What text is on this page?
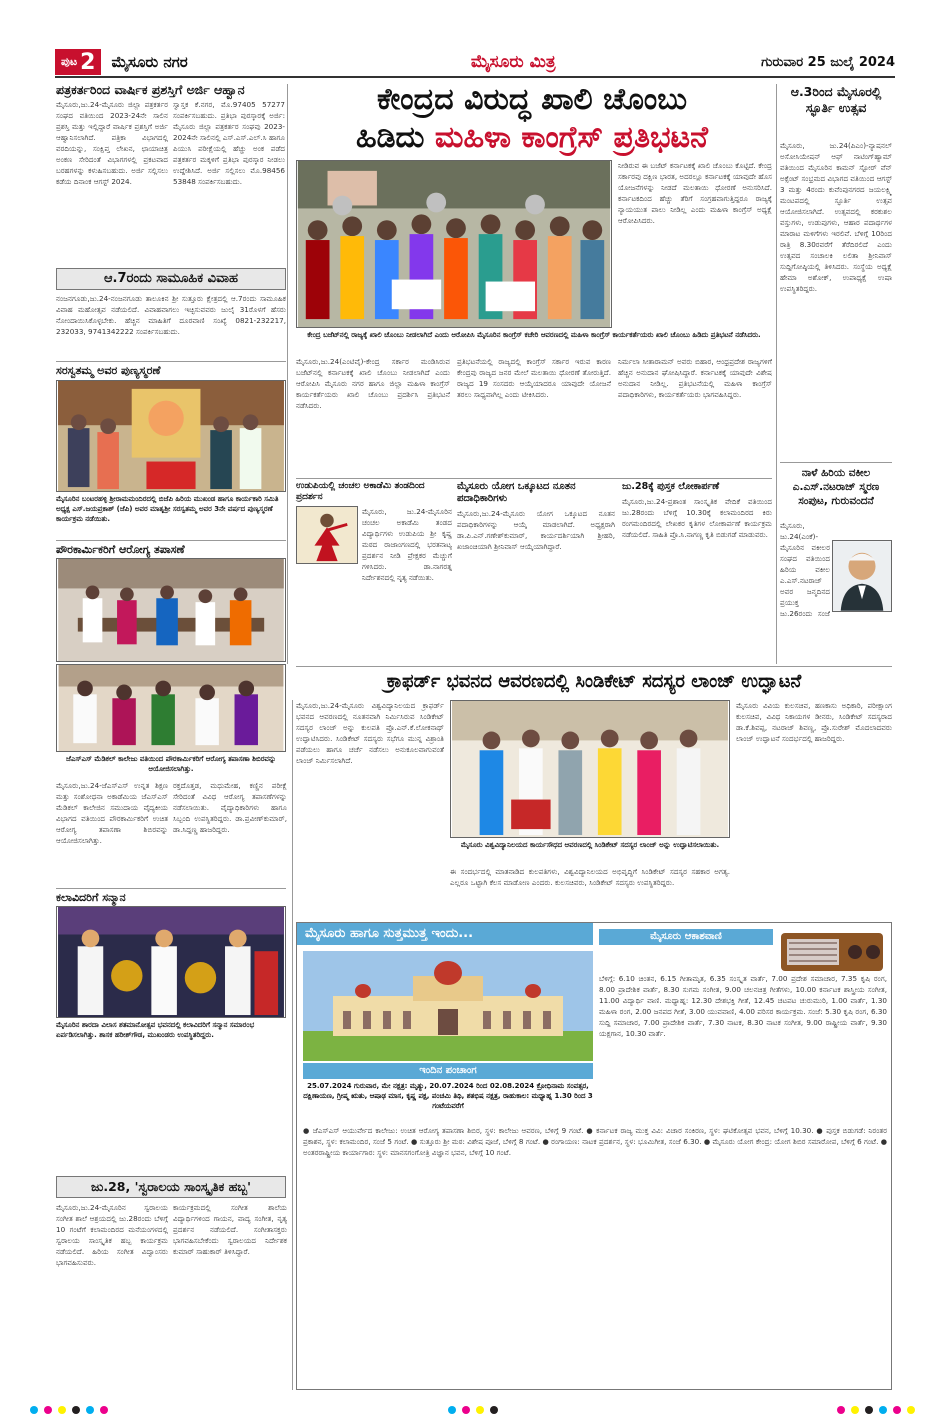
ಪುಟ 2 ಮೈಸೂರು ನಗರ	ಮೈಸೂರು ಮಿತ್ರ	ಗುರುವಾರ 25 ಜುಲೈ 2024
ಪತ್ರಕರ್ತರಿಂದ ವಾರ್ಷಿಕ ಪ್ರಶಸ್ತಿಗೆ ಅರ್ಜಿ ಆಹ್ವಾನ

ಮೈಸೂರು,ಜು.24-ಮೈಸೂರು ಜಿಲ್ಲಾ ಪತ್ರಕರ್ತರ ಸಂಘದ ವತಿಯಿಂದ 2023-24ನೇ ಸಾಲಿನ ಪ್ರಶಸ್ತಿ ಮತ್ತು ಇಲ್ಲಿದ್ದಾರೆ ವಾರ್ಷಿಕ ಪ್ರಶಸ್ತಿಗೆ ಅರ್ಜಿ ಆಹ್ವಾನಿಸಲಾಗಿದೆ. ಪತ್ರಿಕಾ ವಿಭಾಗದಲ್ಲಿ ವರದಿಯನ್ನು, ಸಂಕ್ಷಿಪ್ತ ಲೇಖನ, ಛಾಯಾಚಿತ್ರ ಅಂಕಣ ಸೇರಿದಂತೆ ವಿಭಾಗಗಳಲ್ಲಿ ಪ್ರಕಟವಾದ ಬರಹಗಳನ್ನು ಕಳುಹಿಸಬಹುದು. ಅರ್ಜಿ ಸಲ್ಲಿಸಲು ಕಡೆಯ ದಿನಾಂಕ ಆಗಸ್ಟ್ 2024.

ಸ್ವಾಸ್ತಕ ಕೆ.ನಗರ, ಮೊ.97405 57277 ಸಂಪರ್ಕಿಸಬಹುದು. ಪ್ರತಿಭಾ ಪುರಸ್ಕಾರಕ್ಕೆ ಅರ್ಜಿ: ಮೈಸೂರು ಜಿಲ್ಲಾ ಪತ್ರಕರ್ತರ ಸಂಘವು 2023-2024ನೇ ಸಾಲಿನಲ್ಲಿ ಎಸ್.ಎಸ್.ಎಲ್.ಸಿ ಹಾಗೂ ಪಿಯುಸಿ ಪರೀಕ್ಷೆಯಲ್ಲಿ ಹೆಚ್ಚು ಅಂಕ ಪಡೆದ ಪತ್ರಕರ್ತರ ಮಕ್ಕಳಿಗೆ ಪ್ರತಿಭಾ ಪುರಸ್ಕಾರ ನೀಡಲು ಉದ್ದೇಶಿಸಿದೆ. ಅರ್ಜಿ ಸಲ್ಲಿಸಲು ಮೊ.98456 53848 ಸಂಪರ್ಕಿಸಬಹುದು.

ಆ.7ರಂದು ಸಾಮೂಹಿಕ ವಿವಾಹ

ನಂಜನಗೂಡು,ಜು.24-ನಂಜನಗೂಡು ತಾಲೂಕಿನ ಶ್ರೀ ಸುತ್ತೂರು ಕ್ಷೇತ್ರದಲ್ಲಿ ಆ.7ರಂದು ಸಾಮೂಹಿಕ ವಿವಾಹ ಮಹೋತ್ಸವ ನಡೆಯಲಿದೆ. ವಿವಾಹವಾಗಲು ಇಚ್ಛಿಸುವವರು ಜುಲೈ 31ರೊಳಗೆ ಹೆಸರು ನೋಂದಾಯಿಸಿಕೊಳ್ಳಬೇಕು. ಹೆಚ್ಚಿನ ಮಾಹಿತಿಗೆ ದೂರವಾಣಿ ಸಂಖ್ಯೆ 0821-232217, 232033, 9741342222 ಸಂಪರ್ಕಿಸಬಹುದು.

ಸರಸ್ವತಮ್ಮ ಅವರ ಪುಣ್ಯಸ್ಮರಣೆ
ಮೈಸೂರಿನ ಬಂಟರಹಳ್ಳಿ ಶ್ರೀರಾಮಮಂದಿರದಲ್ಲಿ ಬಿಜೆಪಿ ಹಿರಿಯ ಮುಖಂಡ ಹಾಗೂ ಕಾರ್ಯಕಾರಿ ಸಮಿತಿ ಅಧ್ಯಕ್ಷ ಎಸ್.ಜಯಪ್ರಕಾಶ್ (ಜೆಪಿ) ಅವರ ಮಾತೃಶ್ರೀ ಸರಸ್ವತಮ್ಮ ಅವರ 3ನೇ ವರ್ಷದ ಪುಣ್ಯಸ್ಮರಣೆ ಕಾರ್ಯಕ್ರಮ ನಡೆಯಿತು.
ಪೌರಕಾರ್ಮಿಕರಿಗೆ ಆರೋಗ್ಯ ತಪಾಸಣೆ
ಜೆಎಸ್‌ಎಸ್ ಮೆಡಿಕಲ್ ಕಾಲೇಜು ವತಿಯಿಂದ ಪೌರಕಾರ್ಮಿಕರಿಗೆ ಆರೋಗ್ಯ ತಪಾಸಣಾ ಶಿಬಿರವನ್ನು ಆಯೋಜಿಸಲಾಗಿತ್ತು.

ಮೈಸೂರು,ಜು.24-ಜೆಎಸ್‌ಎಸ್ ಉನ್ನತ ಶಿಕ್ಷಣ ಮತ್ತು ಸಂಶೋಧನಾ ಅಕಾಡೆಮಿಯ ಜೆಎಸ್‌ಎಸ್ ಮೆಡಿಕಲ್ ಕಾಲೇಜಿನ ಸಮುದಾಯ ವೈದ್ಯಕೀಯ ವಿಭಾಗದ ವತಿಯಿಂದ ಪೌರಕಾರ್ಮಿಕರಿಗೆ ಉಚಿತ ಆರೋಗ್ಯ ತಪಾಸಣಾ ಶಿಬಿರವನ್ನು ಆಯೋಜಿಸಲಾಗಿತ್ತು.

ರಕ್ತದೊತ್ತಡ, ಮಧುಮೇಹ, ಕಣ್ಣಿನ ಪರೀಕ್ಷೆ ಸೇರಿದಂತೆ ವಿವಿಧ ಆರೋಗ್ಯ ತಪಾಸಣೆಗಳನ್ನು ನಡೆಸಲಾಯಿತು. ವೈದ್ಯಾಧಿಕಾರಿಗಳು ಹಾಗೂ ಸಿಬ್ಬಂದಿ ಉಪಸ್ಥಿತರಿದ್ದರು. ಡಾ.ಪ್ರವೀಣ್‌ಕುಮಾರ್, ಡಾ.ಸಿದ್ದಣ್ಣ ಹಾಜರಿದ್ದರು.

ಕಲಾವಿದರಿಗೆ ಸನ್ಮಾನ
ಮೈಸೂರಿನ ಶಾರದಾ ವಿಲಾಸ ಶತಮಾನೋತ್ಸವ ಭವನದಲ್ಲಿ ಕಲಾವಿದರಿಗೆ ಸನ್ಮಾನ ಸಮಾರಂಭ ಏರ್ಪಡಿಸಲಾಗಿತ್ತು. ಶಾಸಕ ಹರೀಶ್‌ಗೌಡ, ಮುಖಂಡರು ಉಪಸ್ಥಿತರಿದ್ದರು.
ಜು.28, 'ಸ್ವರಾಲಯ ಸಾಂಸ್ಕೃತಿಕ ಹಬ್ಬ'

ಮೈಸೂರು,ಜು.24-ಮೈಸೂರಿನ ಸ್ವರಾಲಯ ಸಂಗೀತ ಶಾಲೆ ಆಶ್ರಯದಲ್ಲಿ ಜು.28ರಂದು ಬೆಳಿಗ್ಗೆ 10 ಗಂಟೆಗೆ ಕಲಾಮಂದಿರದ ಮನೆಯಂಗಳದಲ್ಲಿ ಸ್ವರಾಲಯ ಸಾಂಸ್ಕೃತಿಕ ಹಬ್ಬ ಕಾರ್ಯಕ್ರಮ ನಡೆಯಲಿದೆ. ಹಿರಿಯ ಸಂಗೀತ ವಿದ್ವಾಂಸರು ಭಾಗವಹಿಸುವರು.

ಕಾರ್ಯಕ್ರಮದಲ್ಲಿ ಸಂಗೀತ ಶಾಲೆಯ ವಿದ್ಯಾರ್ಥಿಗಳಿಂದ ಗಾಯನ, ವಾದ್ಯ ಸಂಗೀತ, ನೃತ್ಯ ಪ್ರದರ್ಶನ ನಡೆಯಲಿದೆ. ಸಂಗೀತಾಸಕ್ತರು ಭಾಗವಹಿಸಬೇಕೆಂದು ಸ್ವರಾಲಯದ ನಿರ್ದೇಶಕ ಕುಮಾರ್ ಸಾಹುಕಾರ್ ತಿಳಿಸಿದ್ದಾರೆ.

ಕೇಂದ್ರದ ವಿರುದ್ಧ ಖಾಲಿ ಚೊಂಬು
ಹಿಡಿದು ಮಹಿಳಾ ಕಾಂಗ್ರೆಸ್ ಪ್ರತಿಭಟನೆ

ನೀಡಿರುವ ಈ ಬಜೆಟ್ ಕರ್ನಾಟಕಕ್ಕೆ ಖಾಲಿ ಚೊಂಬು ಕೊಟ್ಟಿದೆ. ಕೇಂದ್ರ ಸರ್ಕಾರವು ದಕ್ಷಿಣ ಭಾರತ, ಅದರಲ್ಲೂ ಕರ್ನಾಟಕಕ್ಕೆ ಯಾವುದೇ ಹೊಸ ಯೋಜನೆಗಳನ್ನು ನೀಡದೆ ಮಲತಾಯಿ ಧೋರಣೆ ಅನುಸರಿಸಿದೆ. ಕರ್ನಾಟಕದಿಂದ ಹೆಚ್ಚು ತೆರಿಗೆ ಸಂಗ್ರಹವಾಗುತ್ತಿದ್ದರೂ ರಾಜ್ಯಕ್ಕೆ ನ್ಯಾಯಯುತ ಪಾಲು ನೀಡಿಲ್ಲ ಎಂದು ಮಹಿಳಾ ಕಾಂಗ್ರೆಸ್ ಅಧ್ಯಕ್ಷೆ ಆರೋಪಿಸಿದರು.

ಕೇಂದ್ರ ಬಜೆಟ್‌ನಲ್ಲಿ ರಾಜ್ಯಕ್ಕೆ ಖಾಲಿ ಚೊಂಬು ನೀಡಲಾಗಿದೆ ಎಂದು ಆರೋಪಿಸಿ ಮೈಸೂರಿನ ಕಾಂಗ್ರೆಸ್ ಕಚೇರಿ ಆವರಣದಲ್ಲಿ ಮಹಿಳಾ ಕಾಂಗ್ರೆಸ್ ಕಾರ್ಯಕರ್ತೆಯರು ಖಾಲಿ ಚೊಂಬು ಹಿಡಿದು ಪ್ರತಿಭಟನೆ ನಡೆಸಿದರು.

ಮೈಸೂರು,ಜು.24(ಎಂಟಿವೈ)-ಕೇಂದ್ರ ಸರ್ಕಾರ ಮಂಡಿಸಿರುವ ಬಜೆಟ್‌ನಲ್ಲಿ ಕರ್ನಾಟಕಕ್ಕೆ ಖಾಲಿ ಚೊಂಬು ನೀಡಲಾಗಿದೆ ಎಂದು ಆರೋಪಿಸಿ ಮೈಸೂರು ನಗರ ಹಾಗೂ ಜಿಲ್ಲಾ ಮಹಿಳಾ ಕಾಂಗ್ರೆಸ್ ಕಾರ್ಯಕರ್ತೆಯರು ಖಾಲಿ ಚೊಂಬು ಪ್ರದರ್ಶಿಸಿ ಪ್ರತಿಭಟನೆ ನಡೆಸಿದರು.

ಪ್ರತಿಭಟನೆಯಲ್ಲಿ ರಾಜ್ಯದಲ್ಲಿ ಕಾಂಗ್ರೆಸ್ ಸರ್ಕಾರ ಇರುವ ಕಾರಣ ಕೇಂದ್ರವು ರಾಜ್ಯದ ಜನರ ಮೇಲೆ ಮಲತಾಯಿ ಧೋರಣೆ ತೋರುತ್ತಿದೆ. ರಾಜ್ಯದ 19 ಸಂಸದರು ಆಯ್ಕೆಯಾದರೂ ಯಾವುದೇ ಯೋಜನೆ ತರಲು ಸಾಧ್ಯವಾಗಿಲ್ಲ ಎಂದು ಟೀಕಿಸಿದರು.

ನಿರ್ಮಲಾ ಸೀತಾರಾಮನ್ ಅವರು ಬಿಹಾರ, ಆಂಧ್ರಪ್ರದೇಶ ರಾಜ್ಯಗಳಿಗೆ ಹೆಚ್ಚಿನ ಅನುದಾನ ಘೋಷಿಸಿದ್ದಾರೆ. ಕರ್ನಾಟಕಕ್ಕೆ ಯಾವುದೇ ವಿಶೇಷ ಅನುದಾನ ನೀಡಿಲ್ಲ. ಪ್ರತಿಭಟನೆಯಲ್ಲಿ ಮಹಿಳಾ ಕಾಂಗ್ರೆಸ್ ಪದಾಧಿಕಾರಿಗಳು, ಕಾರ್ಯಕರ್ತೆಯರು ಭಾಗವಹಿಸಿದ್ದರು.

ಉಡುಪಿಯಲ್ಲಿ ಚಂಚಲ ಅಕಾಡೆಮಿ ತಂಡದಿಂದ ಪ್ರದರ್ಶನ

ಮೈಸೂರು, ಜು.24-ಮೈಸೂರಿನ ಚಂಚಲ ಅಕಾಡೆಮಿ ತಂಡದ ವಿದ್ಯಾರ್ಥಿಗಳು ಉಡುಪಿಯ ಶ್ರೀ ಕೃಷ್ಣ ಮಠದ ರಾಜಾಂಗಣದಲ್ಲಿ ಭರತನಾಟ್ಯ ಪ್ರದರ್ಶನ ನೀಡಿ ಪ್ರೇಕ್ಷಕರ ಮೆಚ್ಚುಗೆ ಗಳಿಸಿದರು. ಡಾ.ನಾಗರತ್ನ ನಿರ್ದೇಶನದಲ್ಲಿ ನೃತ್ಯ ನಡೆಯಿತು.

ಮೈಸೂರು ಯೋಗ ಒಕ್ಕೂಟದ ನೂತನ ಪದಾಧಿಕಾರಿಗಳು

ಮೈಸೂರು,ಜು.24-ಮೈಸೂರು ಯೋಗ ಒಕ್ಕೂಟದ ನೂತನ ಪದಾಧಿಕಾರಿಗಳನ್ನು ಆಯ್ಕೆ ಮಾಡಲಾಗಿದೆ. ಅಧ್ಯಕ್ಷರಾಗಿ ಡಾ.ಪಿ.ಎನ್.ಗಣೇಶ್‌ಕುಮಾರ್, ಕಾರ್ಯದರ್ಶಿಯಾಗಿ ಶ್ರೀಹರಿ, ಖಜಾಂಚಿಯಾಗಿ ಶ್ರೀನಿವಾಸ್ ಆಯ್ಕೆಯಾಗಿದ್ದಾರೆ.

ಜು.28ಕ್ಕೆ ಪುಸ್ತಕ ಲೋಕಾರ್ಪಣೆ

ಮೈಸೂರು,ಜು.24-ಪ್ರಶಾಂತ ಸಾಂಸ್ಕೃತಿಕ ವೇದಿಕೆ ವತಿಯಿಂದ ಜು.28ರಂದು ಬೆಳಿಗ್ಗೆ 10.30ಕ್ಕೆ ಕಲಾಮಂದಿರದ ಕಿರು ರಂಗಮಂದಿರದಲ್ಲಿ ಲೇಖಕರ ಕೃತಿಗಳ ಲೋಕಾರ್ಪಣೆ ಕಾರ್ಯಕ್ರಮ ನಡೆಯಲಿದೆ. ಸಾಹಿತಿ ಪ್ರೊ.ಸಿ.ನಾಗಣ್ಣ ಕೃತಿ ಬಿಡುಗಡೆ ಮಾಡುವರು.

ಆ.3ರಿಂದ ಮೈಸೂರಲ್ಲಿ ಸ್ಫೂರ್ತಿ ಉತ್ಸವ

ಮೈಸೂರು, ಜು.24(ಪಿಎಂ)-ನ್ಯಾಷನಲ್ ಅಸೋಸಿಯೇಷನ್ ಆಫ್ ನಾಟಿಂಗ್‌ಹ್ಯಾಮ್ ವತಿಯಿಂದ ಮೈಸೂರಿನ ಕಾಮನ್ ಸ್ಟೋರ್ ವೆನ್ ಅಕ್ಸೆಂಟ್ ಸಂಭ್ರಮದ ವಿಭಾಗದ ವತಿಯಿಂದ ಆಗಸ್ಟ್ 3 ಮತ್ತು 4ರಂದು ಕುವೆಂಪುನಗರದ ಜಯಲಕ್ಷ್ಮಿ ಮಂಟಪದಲ್ಲಿ ಸ್ಫೂರ್ತಿ ಉತ್ಸವ ಆಯೋಜಿಸಲಾಗಿದೆ. ಉತ್ಸವದಲ್ಲಿ ಕರಕುಶಲ ವಸ್ತುಗಳು, ಉಡುಪುಗಳು, ಆಹಾರ ಪದಾರ್ಥಗಳ ಮಾರಾಟ ಮಳಿಗೆಗಳು ಇರಲಿವೆ. ಬೆಳಿಗ್ಗೆ 10ರಿಂದ ರಾತ್ರಿ 8.30ರವರೆಗೆ ತೆರೆದಿರಲಿದೆ ಎಂದು ಉತ್ಸವದ ಸಂಚಾಲಕಿ ಲಲಿತಾ ಶ್ರೀನಿವಾಸ್ ಸುದ್ದಿಗೋಷ್ಠಿಯಲ್ಲಿ ತಿಳಿಸಿದರು. ಸಂಸ್ಥೆಯ ಅಧ್ಯಕ್ಷೆ ಹೇಮಾ ಅಶೋಕ್, ಉಪಾಧ್ಯಕ್ಷೆ ಉಷಾ ಉಪಸ್ಥಿತರಿದ್ದರು.

ನಾಳೆ ಹಿರಿಯ ವಕೀಲ ಎ.ಎಸ್.ನಟರಾಜ್ ಸ್ಮರಣ ಸಂಪುಟ, ಗುರುವಂದನೆ

ಮೈಸೂರು, ಜು.24(ಎಂಕೆ)-ಮೈಸೂರಿನ ವಕೀಲರ ಸಂಘದ ವತಿಯಿಂದ ಹಿರಿಯ ವಕೀಲ ಎ.ಎಸ್.ನಟರಾಜ್ ಅವರ ಜನ್ಮದಿನದ ಪ್ರಯುಕ್ತ ಜು.26ರಂದು ಸಂಜೆ

ಕ್ರಾಫರ್ಡ್ ಭವನದ ಆವರಣದಲ್ಲಿ ಸಿಂಡಿಕೇಟ್ ಸದಸ್ಯರ ಲಾಂಜ್ ಉದ್ಘಾಟನೆ

ಮೈಸೂರು,ಜು.24-ಮೈಸೂರು ವಿಶ್ವವಿದ್ಯಾನಿಲಯದ ಕ್ರಾಫರ್ಡ್ ಭವನದ ಆವರಣದಲ್ಲಿ ನೂತನವಾಗಿ ನಿರ್ಮಿಸಿರುವ ಸಿಂಡಿಕೇಟ್ ಸದಸ್ಯರ ಲಾಂಜ್ ಅನ್ನು ಕುಲಪತಿ ಪ್ರೊ.ಎನ್.ಕೆ.ಲೋಕನಾಥ್ ಉದ್ಘಾಟಿಸಿದರು. ಸಿಂಡಿಕೇಟ್ ಸದಸ್ಯರು ಸಭೆಗೂ ಮುನ್ನ ವಿಶ್ರಾಂತಿ ಪಡೆಯಲು ಹಾಗೂ ಚರ್ಚೆ ನಡೆಸಲು ಅನುಕೂಲವಾಗುವಂತೆ ಲಾಂಜ್ ನಿರ್ಮಿಸಲಾಗಿದೆ.

ಮೈಸೂರು ವಿವಿಯ ಕುಲಸಚಿವ, ಹಣಕಾಸು ಅಧಿಕಾರಿ, ಪರೀಕ್ಷಾಂಗ ಕುಲಸಚಿವ, ವಿವಿಧ ನಿಕಾಯಗಳ ಡೀನರು, ಸಿಂಡಿಕೇಟ್ ಸದಸ್ಯರಾದ ಡಾ.ಕೆ.ಶಿವಪ್ಪ, ನಟರಾಜ್ ಶಿವಣ್ಣ, ಪ್ರೊ.ಸುರೇಶ್ ಮೊದಲಾದವರು ಲಾಂಜ್ ಉದ್ಘಾಟನೆ ಸಂದರ್ಭದಲ್ಲಿ ಹಾಜರಿದ್ದರು.

ಮೈಸೂರು ವಿಶ್ವವಿದ್ಯಾನಿಲಯದ ಕಾರ್ಯಸೌಧದ ಆವರಣದಲ್ಲಿ ಸಿಂಡಿಕೇಟ್ ಸದಸ್ಯರ ಲಾಂಜ್ ಅನ್ನು ಉದ್ಘಾಟಿಸಲಾಯಿತು.

ಈ ಸಂದರ್ಭದಲ್ಲಿ ಮಾತನಾಡಿದ ಕುಲಪತಿಗಳು, ವಿಶ್ವವಿದ್ಯಾನಿಲಯದ ಅಭಿವೃದ್ಧಿಗೆ ಸಿಂಡಿಕೇಟ್ ಸದಸ್ಯರ ಸಹಕಾರ ಅಗತ್ಯ. ಎಲ್ಲರೂ ಒಟ್ಟಾಗಿ ಕೆಲಸ ಮಾಡೋಣ ಎಂದರು. ಕುಲಸಚಿವರು, ಸಿಂಡಿಕೇಟ್ ಸದಸ್ಯರು ಉಪಸ್ಥಿತರಿದ್ದರು.

ಮೈಸೂರು ಹಾಗೂ ಸುತ್ತಮುತ್ತ ಇಂದು...
ಇಂದಿನ ಪಂಚಾಂಗ
25.07.2024 ಗುರುವಾರ, ಮೇ ನಕ್ಷತ್ರ: ಮೃತ್ಯು, 20.07.2024 ರಿಂದ 02.08.2024 ಕ್ರೋಧಿನಾಮ ಸಂವತ್ಸರ, ದಕ್ಷಿಣಾಯಣ, ಗ್ರೀಷ್ಮ ಋತು, ಆಷಾಢ ಮಾಸ, ಕೃಷ್ಣ ಪಕ್ಷ, ಪಂಚಮಿ ತಿಥಿ, ಶತಭಿಷ ನಕ್ಷತ್ರ, ರಾಹುಕಾಲ: ಮಧ್ಯಾಹ್ನ 1.30 ರಿಂದ 3 ಗಂಟೆಯವರೆಗೆ
● ಜೆಎಸ್ಎಸ್ ಆಯುರ್ವೇದ ಕಾಲೇಜು: ಉಚಿತ ಆರೋಗ್ಯ ತಪಾಸಣಾ ಶಿಬಿರ, ಸ್ಥಳ: ಕಾಲೇಜು ಆವರಣ, ಬೆಳಿಗ್ಗೆ 9 ಗಂಟೆ. ● ಕರ್ನಾಟಕ ರಾಜ್ಯ ಮುಕ್ತ ವಿವಿ: ವಿಚಾರ ಸಂಕಿರಣ, ಸ್ಥಳ: ಘಟಿಕೋತ್ಸವ ಭವನ, ಬೆಳಿಗ್ಗೆ 10.30. ● ಪುಸ್ತಕ ಬಿಡುಗಡೆ: ನಿರಂತರ ಪ್ರಕಾಶನ, ಸ್ಥಳ: ಕಲಾಮಂದಿರ, ಸಂಜೆ 5 ಗಂಟೆ. ● ಸುತ್ತೂರು ಶ್ರೀ ಮಠ: ವಿಶೇಷ ಪೂಜೆ, ಬೆಳಿಗ್ಗೆ 8 ಗಂಟೆ. ● ರಂಗಾಯಣ: ನಾಟಕ ಪ್ರದರ್ಶನ, ಸ್ಥಳ: ಭೂಮಿಗೀತ, ಸಂಜೆ 6.30. ● ಮೈಸೂರು ಯೋಗ ಕೇಂದ್ರ: ಯೋಗ ಶಿಬಿರ ಸಮಾರೋಪ, ಬೆಳಿಗ್ಗೆ 6 ಗಂಟೆ. ● ಅಂತರರಾಷ್ಟ್ರೀಯ ಕಾರ್ಯಾಗಾರ: ಸ್ಥಳ: ಮಾನಸಗಂಗೋತ್ರಿ ವಿಜ್ಞಾನ ಭವನ, ಬೆಳಿಗ್ಗೆ 10 ಗಂಟೆ.
ಮೈಸೂರು ಆಕಾಶವಾಣಿ
ಬೆಳಿಗ್ಗೆ: 6.10 ಚಿಂತನ, 6.15 ಗೀತಾಮೃತ, 6.35 ಸಂಸ್ಕೃತ ವಾರ್ತೆ, 7.00 ಪ್ರದೇಶ ಸಮಾಚಾರ, 7.35 ಕೃಷಿ ರಂಗ, 8.00 ಪ್ರಾದೇಶಿಕ ವಾರ್ತೆ, 8.30 ಸುಗಮ ಸಂಗೀತ, 9.00 ಚಲನಚಿತ್ರ ಗೀತೆಗಳು, 10.00 ಕರ್ನಾಟಕ ಶಾಸ್ತ್ರೀಯ ಸಂಗೀತ, 11.00 ವಿದ್ಯಾರ್ಥಿ ವಾಣಿ. ಮಧ್ಯಾಹ್ನ: 12.30 ದೇಶಭಕ್ತಿ ಗೀತೆ, 12.45 ಚಟಪಟ ಚುರುಮುರಿ, 1.00 ವಾರ್ತೆ, 1.30 ಮಹಿಳಾ ರಂಗ, 2.00 ಜನಪದ ಗೀತೆ, 3.00 ಯುವವಾಣಿ, 4.00 ಪರಿಸರ ಕಾರ್ಯಕ್ರಮ. ಸಂಜೆ: 5.30 ಕೃಷಿ ರಂಗ, 6.30 ಸುದ್ದಿ ಸಮಾಚಾರ, 7.00 ಪ್ರಾದೇಶಿಕ ವಾರ್ತೆ, 7.30 ನಾಟಕ, 8.30 ನಾಟಕ ಸಂಗೀತ, 9.00 ರಾಷ್ಟ್ರೀಯ ವಾರ್ತೆ, 9.30 ಯಕ್ಷಗಾನ, 10.30 ವಾರ್ತೆ.
